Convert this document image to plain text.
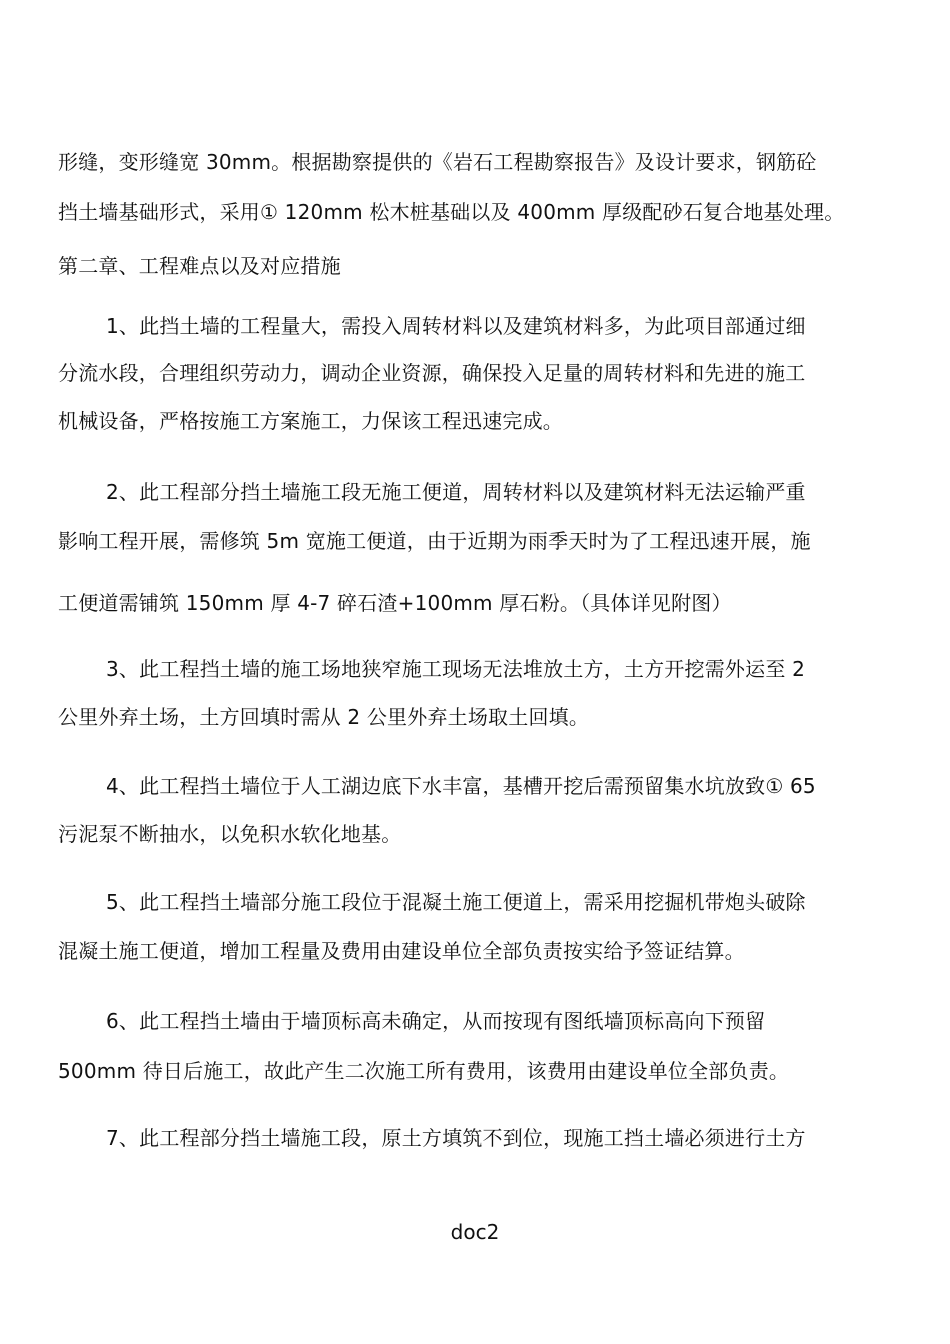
形缝，变形缝宽 30mm。根据勘察提供的《岩石工程勘察报告》及设计要求，钢筋砼
挡土墙基础形式，采用① 120mm 松木桩基础以及 400mm 厚级配砂石复合地基处理。
第二章、工程难点以及对应措施
1、此挡土墙的工程量大，需投入周转材料以及建筑材料多，为此项目部通过细
分流水段，合理组织劳动力，调动企业资源，确保投入足量的周转材料和先进的施工
机械设备，严格按施工方案施工，力保该工程迅速完成。
2、此工程部分挡土墙施工段无施工便道，周转材料以及建筑材料无法运输严重
影响工程开展，需修筑 5m 宽施工便道，由于近期为雨季天时为了工程迅速开展，施
工便道需铺筑 150mm 厚 4-7 碎石渣+100mm 厚石粉。（具体详见附图）
3、此工程挡土墙的施工场地狭窄施工现场无法堆放土方，土方开挖需外运至 2
公里外弃土场，土方回填时需从 2 公里外弃土场取土回填。
4、此工程挡土墙位于人工湖边底下水丰富，基槽开挖后需预留集水坑放致① 65
污泥泵不断抽水，以免积水软化地基。
5、此工程挡土墙部分施工段位于混凝土施工便道上，需采用挖掘机带炮头破除
混凝土施工便道，增加工程量及费用由建设单位全部负责按实给予签证结算。
6、此工程挡土墙由于墙顶标高未确定，从而按现有图纸墙顶标高向下预留
500mm 待日后施工，故此产生二次施工所有费用，该费用由建设单位全部负责。
7、此工程部分挡土墙施工段，原土方填筑不到位，现施工挡土墙必须进行土方
doc2
